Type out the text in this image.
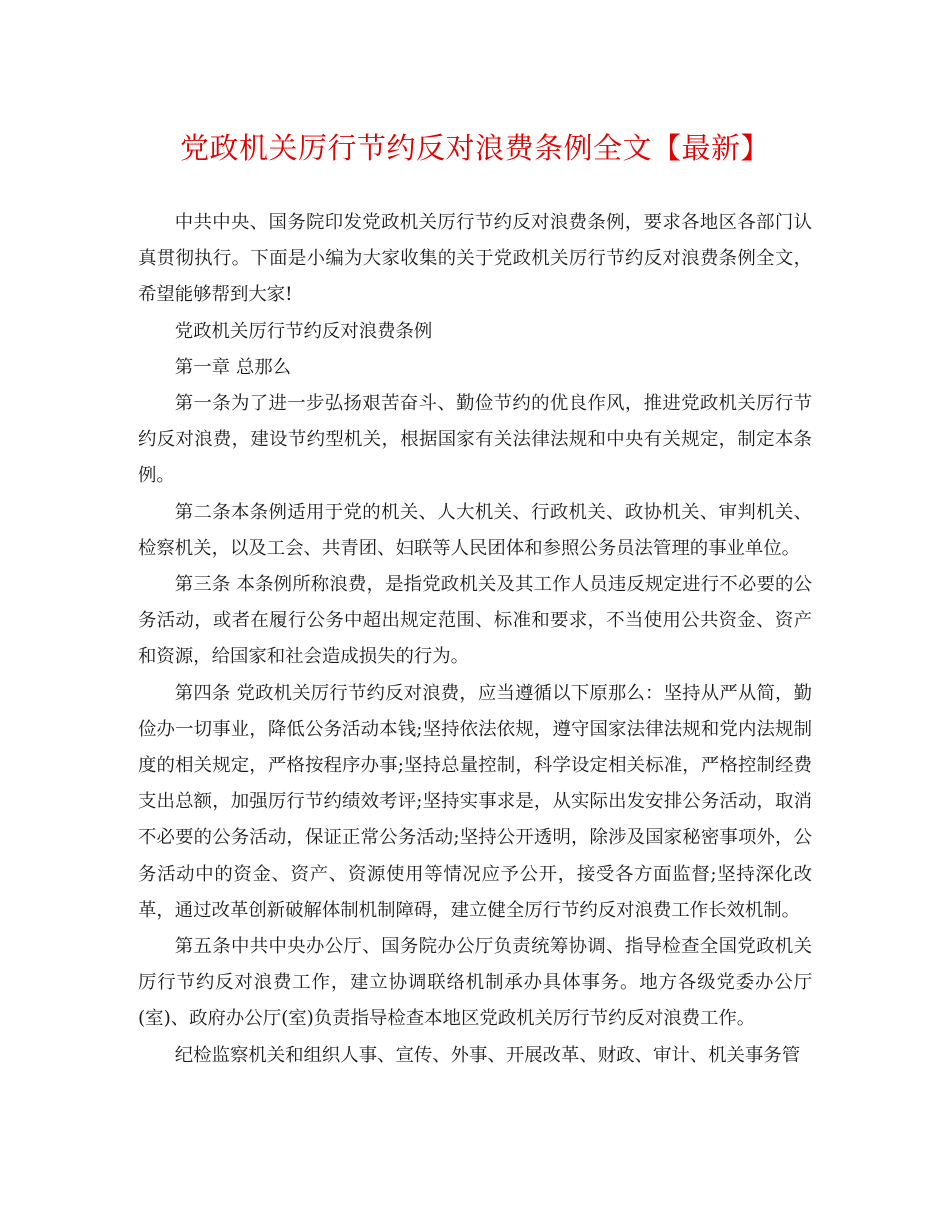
党政机关厉行节约反对浪费条例全文【最新】

中共中央、国务院印发党政机关厉行节约反对浪费条例，要求各地区各部门认真贯彻执行。下面是小编为大家收集的关于党政机关厉行节约反对浪费条例全文，希望能够帮到大家!

党政机关厉行节约反对浪费条例

第一章 总那么

第一条为了进一步弘扬艰苦奋斗、勤俭节约的优良作风，推进党政机关厉行节约反对浪费，建设节约型机关，根据国家有关法律法规和中央有关规定，制定本条例。

第二条本条例适用于党的机关、人大机关、行政机关、政协机关、审判机关、检察机关，以及工会、共青团、妇联等人民团体和参照公务员法管理的事业单位。

第三条 本条例所称浪费，是指党政机关及其工作人员违反规定进行不必要的公务活动，或者在履行公务中超出规定范围、标准和要求，不当使用公共资金、资产和资源，给国家和社会造成损失的行为。

第四条 党政机关厉行节约反对浪费，应当遵循以下原那么：坚持从严从简，勤俭办一切事业，降低公务活动本钱;坚持依法依规，遵守国家法律法规和党内法规制度的相关规定，严格按程序办事;坚持总量控制，科学设定相关标准，严格控制经费支出总额，加强厉行节约绩效考评;坚持实事求是，从实际出发安排公务活动，取消不必要的公务活动，保证正常公务活动;坚持公开透明，除涉及国家秘密事项外，公务活动中的资金、资产、资源使用等情况应予公开，接受各方面监督;坚持深化改革，通过改革创新破解体制机制障碍，建立健全厉行节约反对浪费工作长效机制。

第五条中共中央办公厅、国务院办公厅负责统筹协调、指导检查全国党政机关厉行节约反对浪费工作，建立协调联络机制承办具体事务。地方各级党委办公厅(室)、政府办公厅(室)负责指导检查本地区党政机关厉行节约反对浪费工作。

纪检监察机关和组织人事、宣传、外事、开展改革、财政、审计、机关事务管
